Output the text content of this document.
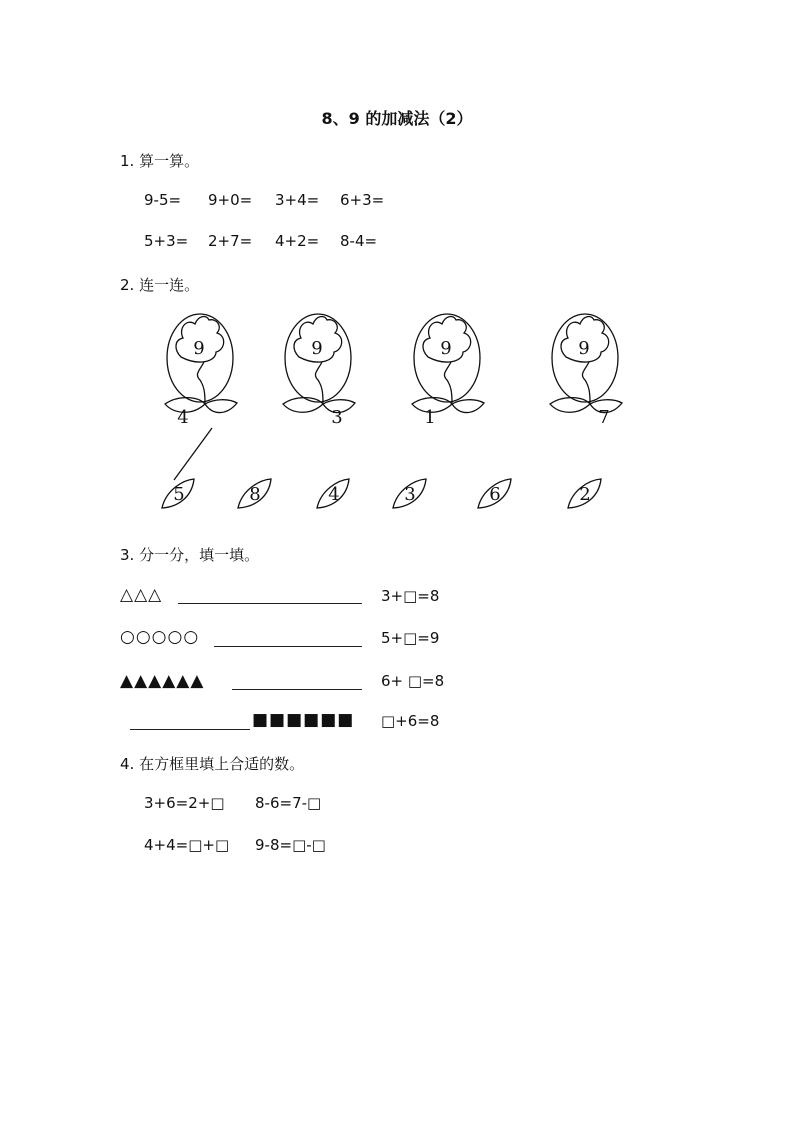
8、9 的加减法（2）
1. 算一算。
9-5= 9+0= 3+4= 6+3=
5+3= 2+7= 4+2= 8-4=
2. 连一连。
9	9	9	9
4	3	1	7
5	8	4	3	6	2
3. 分一分，填一填。
△△△	3+□=8
○○○○○	5+□=9
▲▲▲▲▲▲	6+ □=8
■■■■■■ □+6=8
4. 在方框里填上合适的数。
3+6=2+□ 8-6=7-□
4+4=□+□ 9-8=□-□
